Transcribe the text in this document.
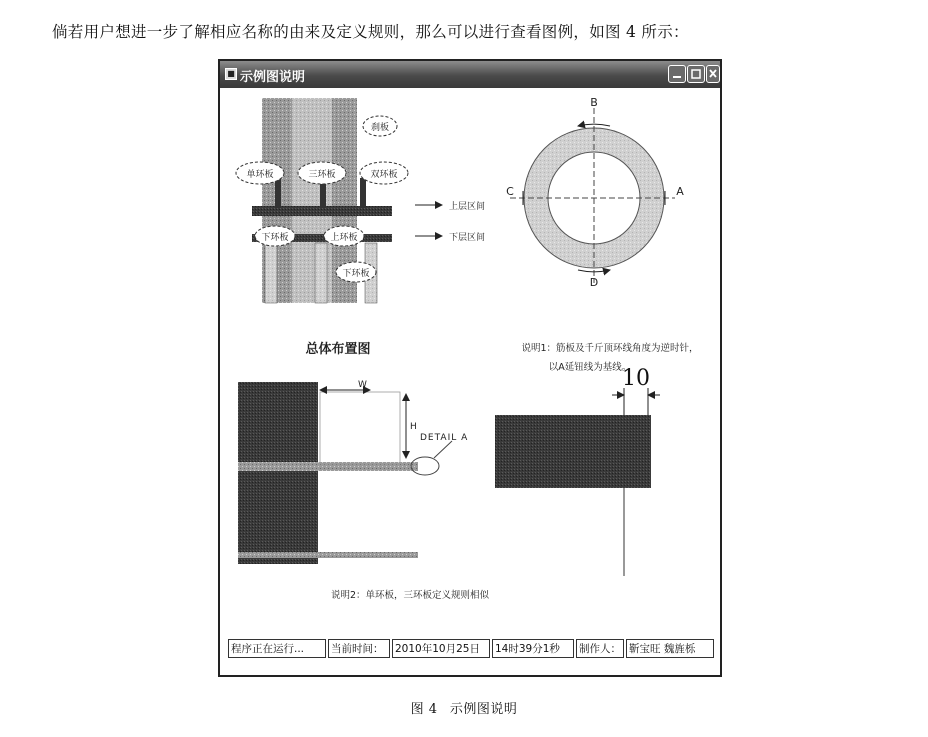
倘若用户想进一步了解相应名称的由来及定义规则，那么可以进行查看图例，如图 4 所示：
■ 示例图说明
刹板
单环板	三环板	双环板
下环板	上环板
下环板
上层区间
下层区间
总体布置图
B
C	A
D
说明1：筋板及千斤顶环线角度为逆时针，
以A延钮线为基线。
W
H
DETAIL A
10
说明2：单环板，三环板定义规则相似
程序正在运行...	当前时间：	2010年10月25日	14时39分1秒	制作人： 靳宝旺 魏旌栎
图 4 示例图说明
